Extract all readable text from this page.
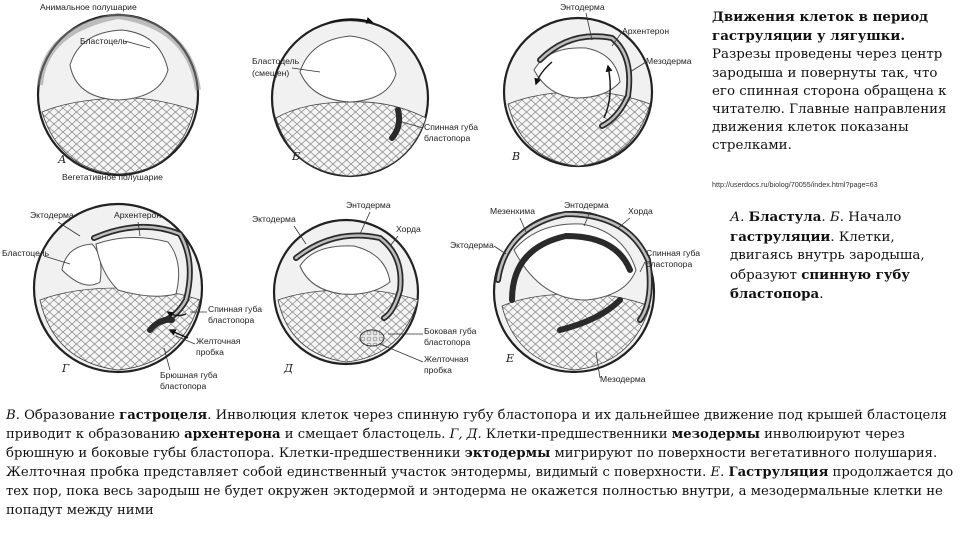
А
Анимальное полушарие
Бластоцель
Вегетативное полушарие
Б
Бластоцель
(смещен)
Спинная губа
бластопора
В
Энтодерма
Архентерон
Мезодерма
Г
Эктодерма	Архентерон
Бластоцель
Спинная губа
бластопора
Желточная
пробка
Брюшная губа
бластопора
Д
Эктодерма
Энтодерма
Хорда
Боковая губа
бластопора
Желточная
пробка
Е
Мезенхима
Эктодерма
Энтодерма
Хорда
Спинная губа
бластопора
Мезодерма

Движения клеток в период гаструляции у лягушки. Разрезы проведены через центр зародыша и повернуты так, что его спинная сторона обращена к читателю. Главные направления движения клеток показаны стрелками.

http://userdocs.ru/biolog/70055/index.html?page=63
А. Бластула. Б. Начало гаструляции. Клетки, двигаясь внутрь зародыша, образуют спинную губу бластопора.
В. Образование гастроцеля. Инволюция клеток через спинную губу бластопора и их дальнейшее движение под крышей бластоцеля приводит к образованию архентерона и смещает бластоцель. Г, Д. Клетки-предшественники мезодермы инволюируют через брюшную и боковые губы бластопора. Клетки-предшественники эктодермы мигрируют по поверхности вегетативного полушария. Желточная пробка представляет собой единственный участок энтодермы, видимый с поверхности. Е. Гаструляция продолжается до тех пор, пока весь зародыш не будет окружен эктодермой и энтодерма не окажется полностью внутри, а мезодермальные клетки не попадут между ними
